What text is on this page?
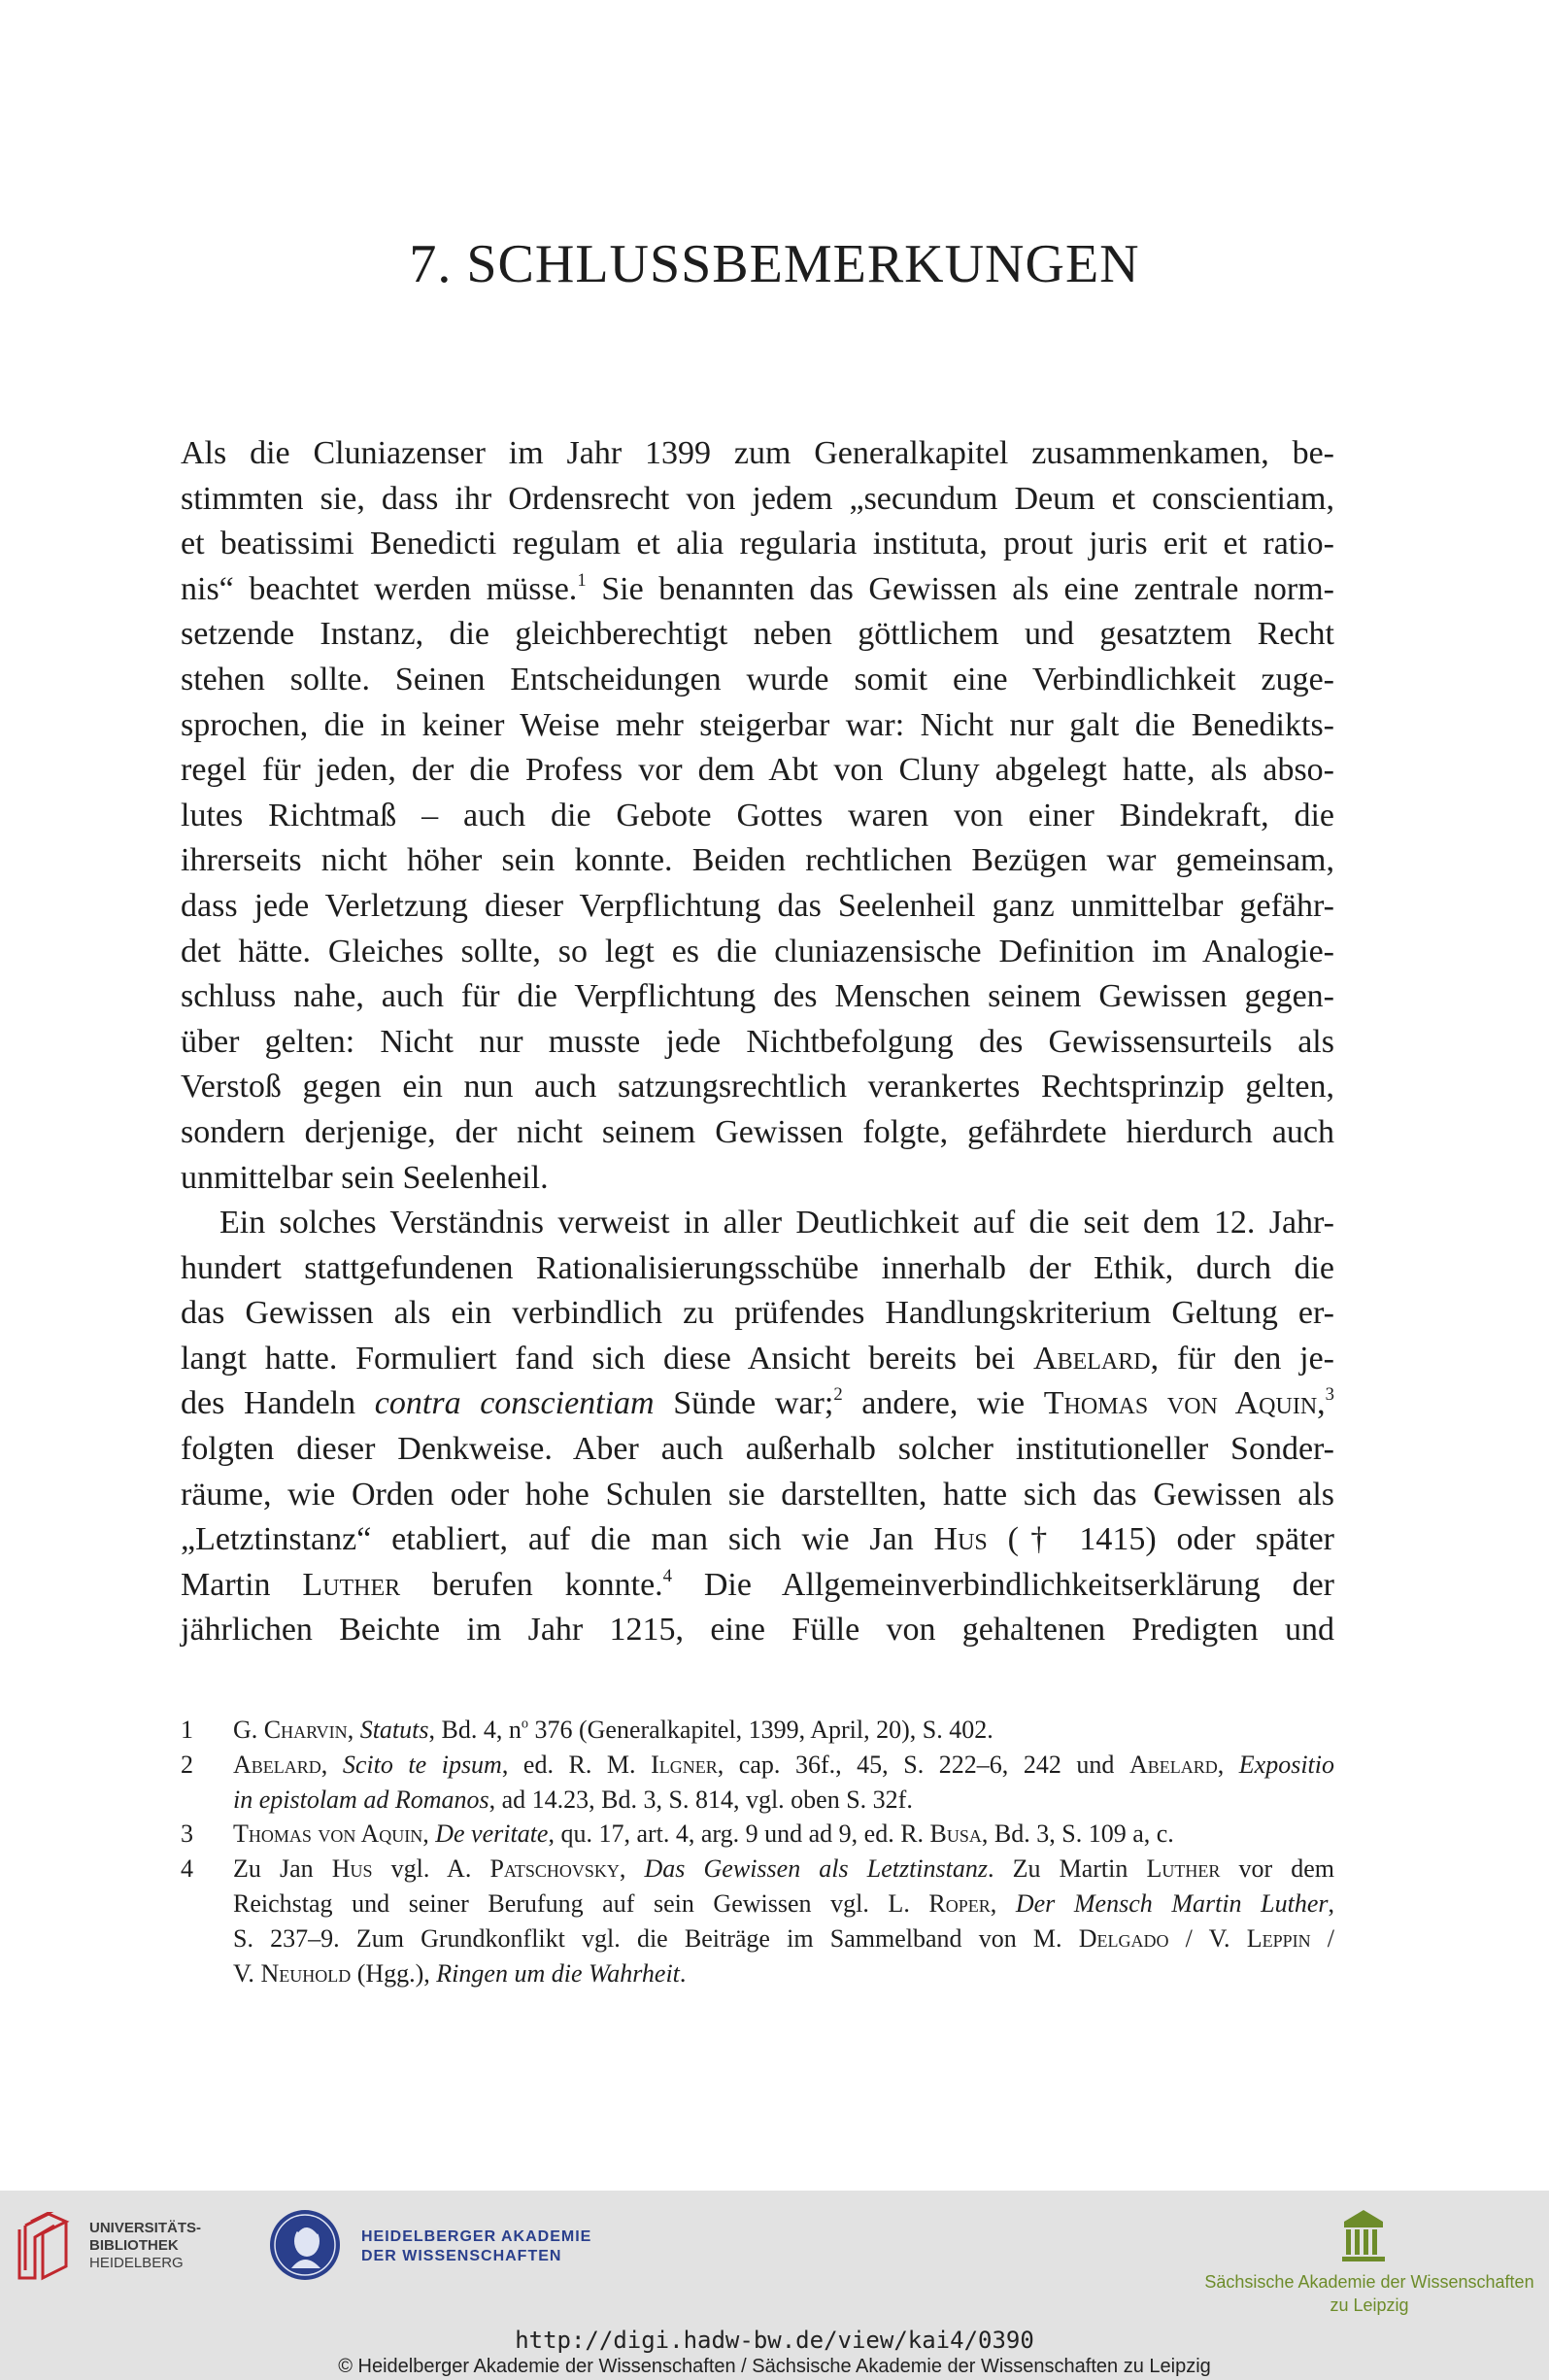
7. SCHLUSSBEMERKUNGEN
Als die Cluniazenser im Jahr 1399 zum Generalkapitel zusammenkamen, be-
stimmten sie, dass ihr Ordensrecht von jedem „secundum Deum et conscientiam,
et beatissimi Benedicti regulam et alia regularia instituta, prout juris erit et ratio-
nis“ beachtet werden müsse.$^1$ Sie benannten das Gewissen als eine zentrale norm-
setzende Instanz, die gleichberechtigt neben göttlichem und gesatztem Recht
stehen sollte. Seinen Entscheidungen wurde somit eine Verbindlichkeit zuge-
sprochen, die in keiner Weise mehr steigerbar war: Nicht nur galt die Benedikts-
regel für jeden, der die Profess vor dem Abt von Cluny abgelegt hatte, als abso-
lutes Richtmaß – auch die Gebote Gottes waren von einer Bindekraft, die
ihrerseits nicht höher sein konnte. Beiden rechtlichen Bezügen war gemeinsam,
dass jede Verletzung dieser Verpflichtung das Seelenheil ganz unmittelbar gefähr-
det hätte. Gleiches sollte, so legt es die cluniazensische Definition im Analogie-
schluss nahe, auch für die Verpflichtung des Menschen seinem Gewissen gegen-
über gelten: Nicht nur musste jede Nichtbefolgung des Gewissensurteils als
Verstoß gegen ein nun auch satzungsrechtlich verankertes Rechtsprinzip gelten,
sondern derjenige, der nicht seinem Gewissen folgte, gefährdete hierdurch auch
unmittelbar sein Seelenheil.
Ein solches Verständnis verweist in aller Deutlichkeit auf die seit dem 12. Jahr-
hundert stattgefundenen Rationalisierungsschübe innerhalb der Ethik, durch die
das Gewissen als ein verbindlich zu prüfendes Handlungskriterium Geltung er-
langt hatte. Formuliert fand sich diese Ansicht bereits bei Abelard, für den je-
des Handeln contra conscientiam Sünde war;$^2$ andere, wie Thomas von Aquin,$^3$
folgten dieser Denkweise. Aber auch außerhalb solcher institutioneller Sonder-
räume, wie Orden oder hohe Schulen sie darstellten, hatte sich das Gewissen als
„Letztinstanz“ etabliert, auf die man sich wie Jan Hus († 1415) oder später
Martin Luther berufen konnte.$^4$ Die Allgemeinverbindlichkeitserklärung der
jährlichen Beichte im Jahr 1215, eine Fülle von gehaltenen Predigten und
1 G. Charvin, Statuts, Bd. 4, $n^o$ 376 (Generalkapitel, 1399, April, 20), S. 402.
2 Abelard, Scito te ipsum, ed. R. M. Ilgner, cap. 36f., 45, S. 222–6, 242 und Abelard, Expositio
in epistolam ad Romanos, ad 14.23, Bd. 3, S. 814, vgl. oben S. 32f.
3 Thomas von Aquin, De veritate, qu. 17, art. 4, arg. 9 und ad 9, ed. R. Busa, Bd. 3, S. 109 a, c.
4 Zu Jan Hus vgl. A. Patschovsky, Das Gewissen als Letztinstanz. Zu Martin Luther vor dem
Reichstag und seiner Berufung auf sein Gewissen vgl. L. Roper, Der Mensch Martin Luther,
S. 237–9. Zum Grundkonflikt vgl. die Beiträge im Sammelband von M. Delgado / V. Leppin /
V. Neuhold (Hgg.), Ringen um die Wahrheit.
UNIVERSITÄTS-
BIBLIOTHEK
HEIDELBERG
HEIDELBERGER AKADEMIE
DER WISSENSCHAFTEN
Sächsische Akademie der Wissenschaften
zu Leipzig
http://digi.hadw-bw.de/view/kai4/0390
© Heidelberger Akademie der Wissenschaften / Sächsische Akademie der Wissenschaften zu Leipzig
